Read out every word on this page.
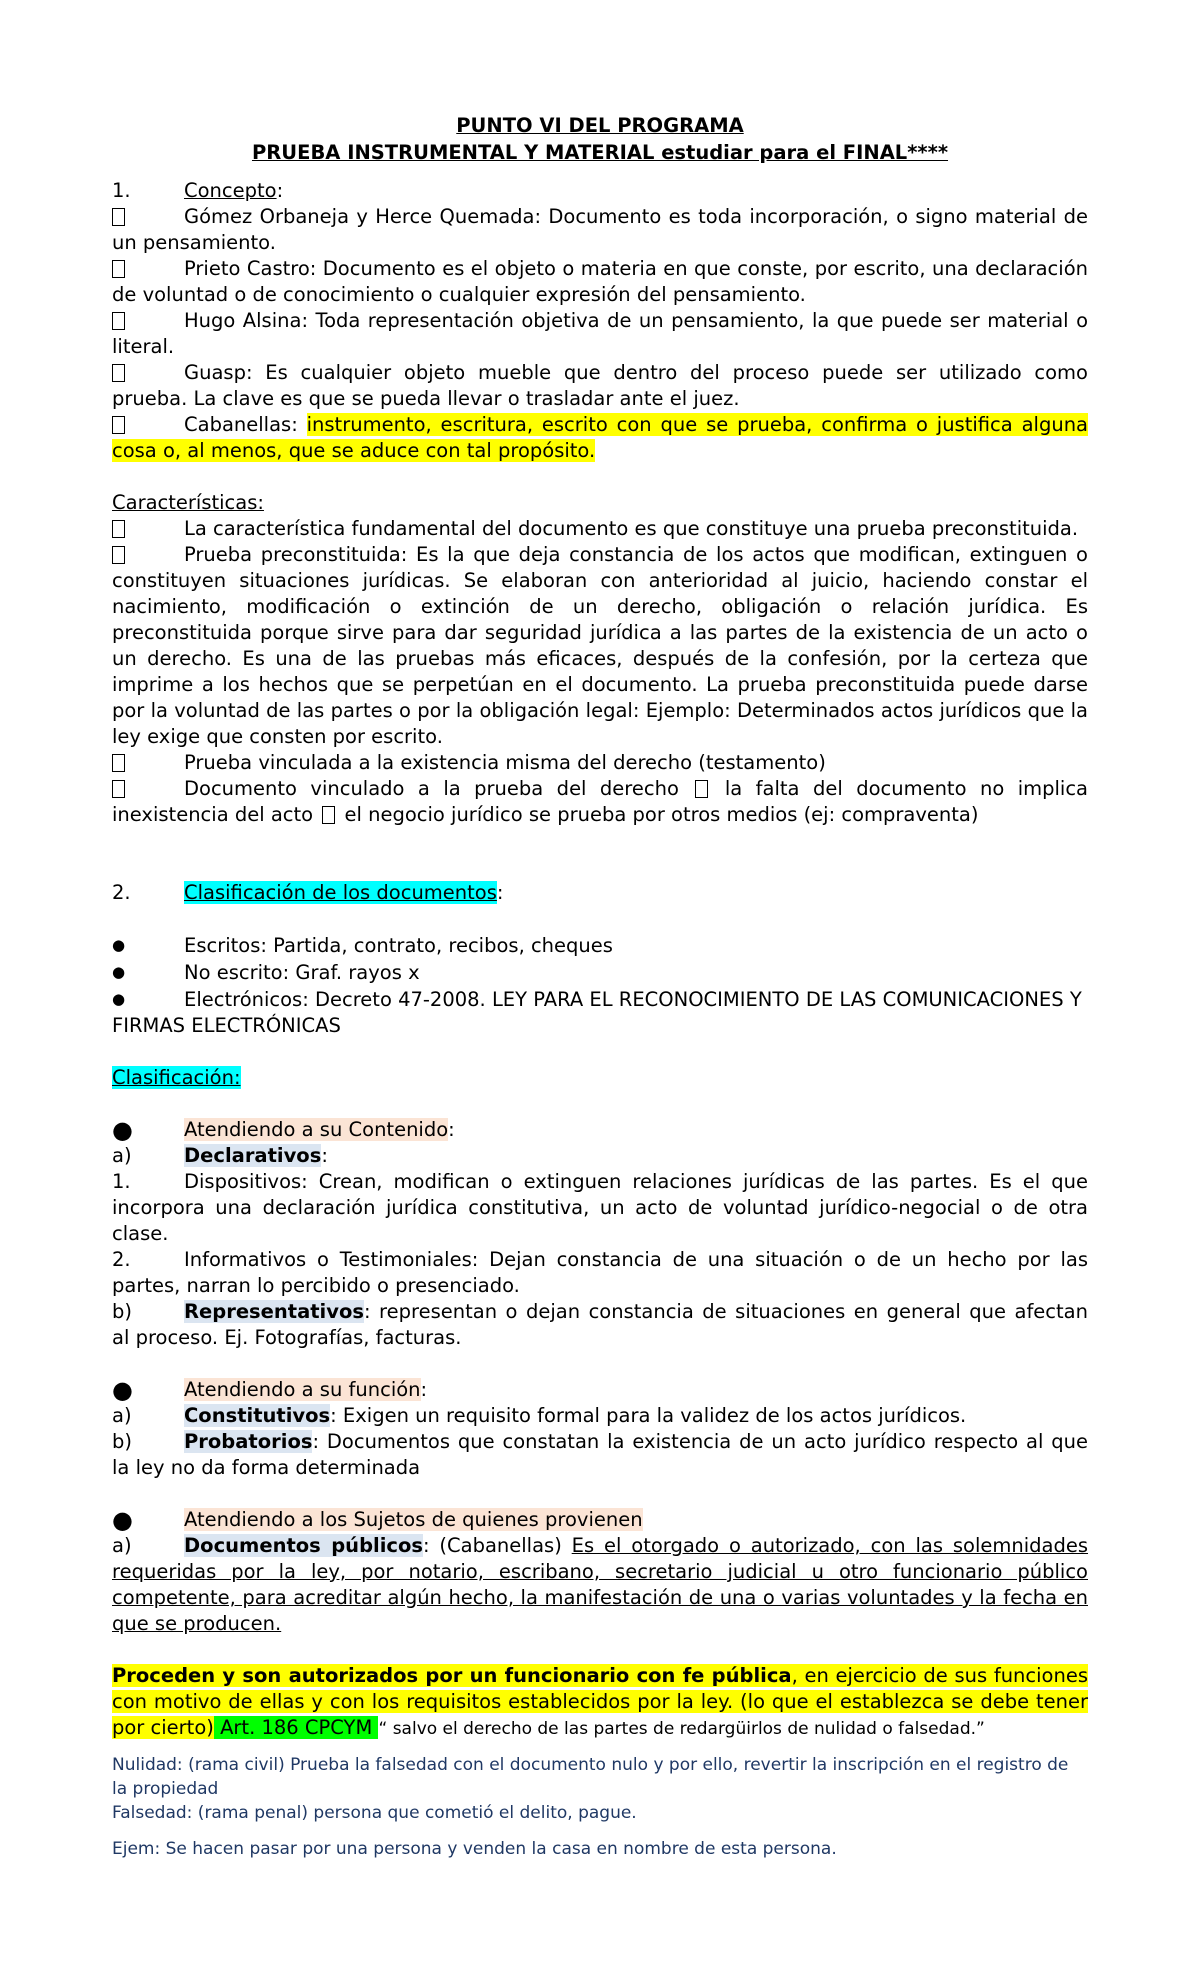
PUNTO VI DEL PROGRAMA

PRUEBA INSTRUMENTAL Y MATERIAL estudiar para el FINAL****

1.	Concepto:

Gómez Orbaneja y Herce Quemada: Documento es toda incorporación, o signo material de un pensamiento.

Prieto Castro: Documento es el objeto o materia en que conste, por escrito, una declaración de voluntad o de conocimiento o cualquier expresión del pensamiento.

Hugo Alsina: Toda representación objetiva de un pensamiento, la que puede ser material o literal.

Guasp: Es cualquier objeto mueble que dentro del proceso puede ser utilizado como prueba. La clave es que se pueda llevar o trasladar ante el juez.

Cabanellas: instrumento, escritura, escrito con que se prueba, confirma o justifica alguna cosa o, al menos, que se aduce con tal propósito.

Características:

La característica fundamental del documento es que constituye una prueba preconstituida.

Prueba preconstituida: Es la que deja constancia de los actos que modifican, extinguen o constituyen situaciones jurídicas. Se elaboran con anterioridad al juicio, haciendo constar el nacimiento, modificación o extinción de un derecho, obligación o relación jurídica. Es preconstituida porque sirve para dar seguridad jurídica a las partes de la existencia de un acto o un derecho. Es una de las pruebas más eficaces, después de la confesión, por la certeza que imprime a los hechos que se perpetúan en el documento. La prueba preconstituida puede darse por la voluntad de las partes o por la obligación legal: Ejemplo: Determinados actos jurídicos que la ley exige que consten por escrito.

Prueba vinculada a la existencia misma del derecho (testamento)

Documento vinculado a la prueba del derecho la falta del documento no implica inexistencia del acto el negocio jurídico se prueba por otros medios (ej: compraventa)

2.	Clasificación de los documentos:

●	Escritos: Partida, contrato, recibos, cheques

●	No escrito: Graf. rayos x

●	Electrónicos: Decreto 47-2008. LEY PARA EL RECONOCIMIENTO DE LAS COMUNICACIONES Y FIRMAS ELECTRÓNICAS

Clasificación:

●	Atendiendo a su Contenido:

a)	Declarativos:

1.	Dispositivos: Crean, modifican o extinguen relaciones jurídicas de las partes. Es el que incorpora una declaración jurídica constitutiva, un acto de voluntad jurídico-negocial o de otra clase.

2.	Informativos o Testimoniales: Dejan constancia de una situación o de un hecho por las partes, narran lo percibido o presenciado.

b)	Representativos: representan o dejan constancia de situaciones en general que afectan al proceso. Ej. Fotografías, facturas.

●	Atendiendo a su función:

a)	Constitutivos: Exigen un requisito formal para la validez de los actos jurídicos.

b)	Probatorios: Documentos que constatan la existencia de un acto jurídico respecto al que la ley no da forma determinada

●	Atendiendo a los Sujetos de quienes provienen

a)	Documentos públicos: (Cabanellas) Es el otorgado o autorizado, con las solemnidades requeridas por la ley, por notario, escribano, secretario judicial u otro funcionario público competente, para acreditar algún hecho, la manifestación de una o varias voluntades y la fecha en que se producen.

Proceden y son autorizados por un funcionario con fe pública, en ejercicio de sus funciones con motivo de ellas y con los requisitos establecidos por la ley. (lo que el establezca se debe tener por cierto) Art. 186 CPCYM “ salvo el derecho de las partes de redargüirlos de nulidad o falsedad.”

Nulidad: (rama civil) Prueba la falsedad con el documento nulo y por ello, revertir la inscripción en el registro de la propiedad

Falsedad: (rama penal) persona que cometió el delito, pague.

Ejem: Se hacen pasar por una persona y venden la casa en nombre de esta persona.
